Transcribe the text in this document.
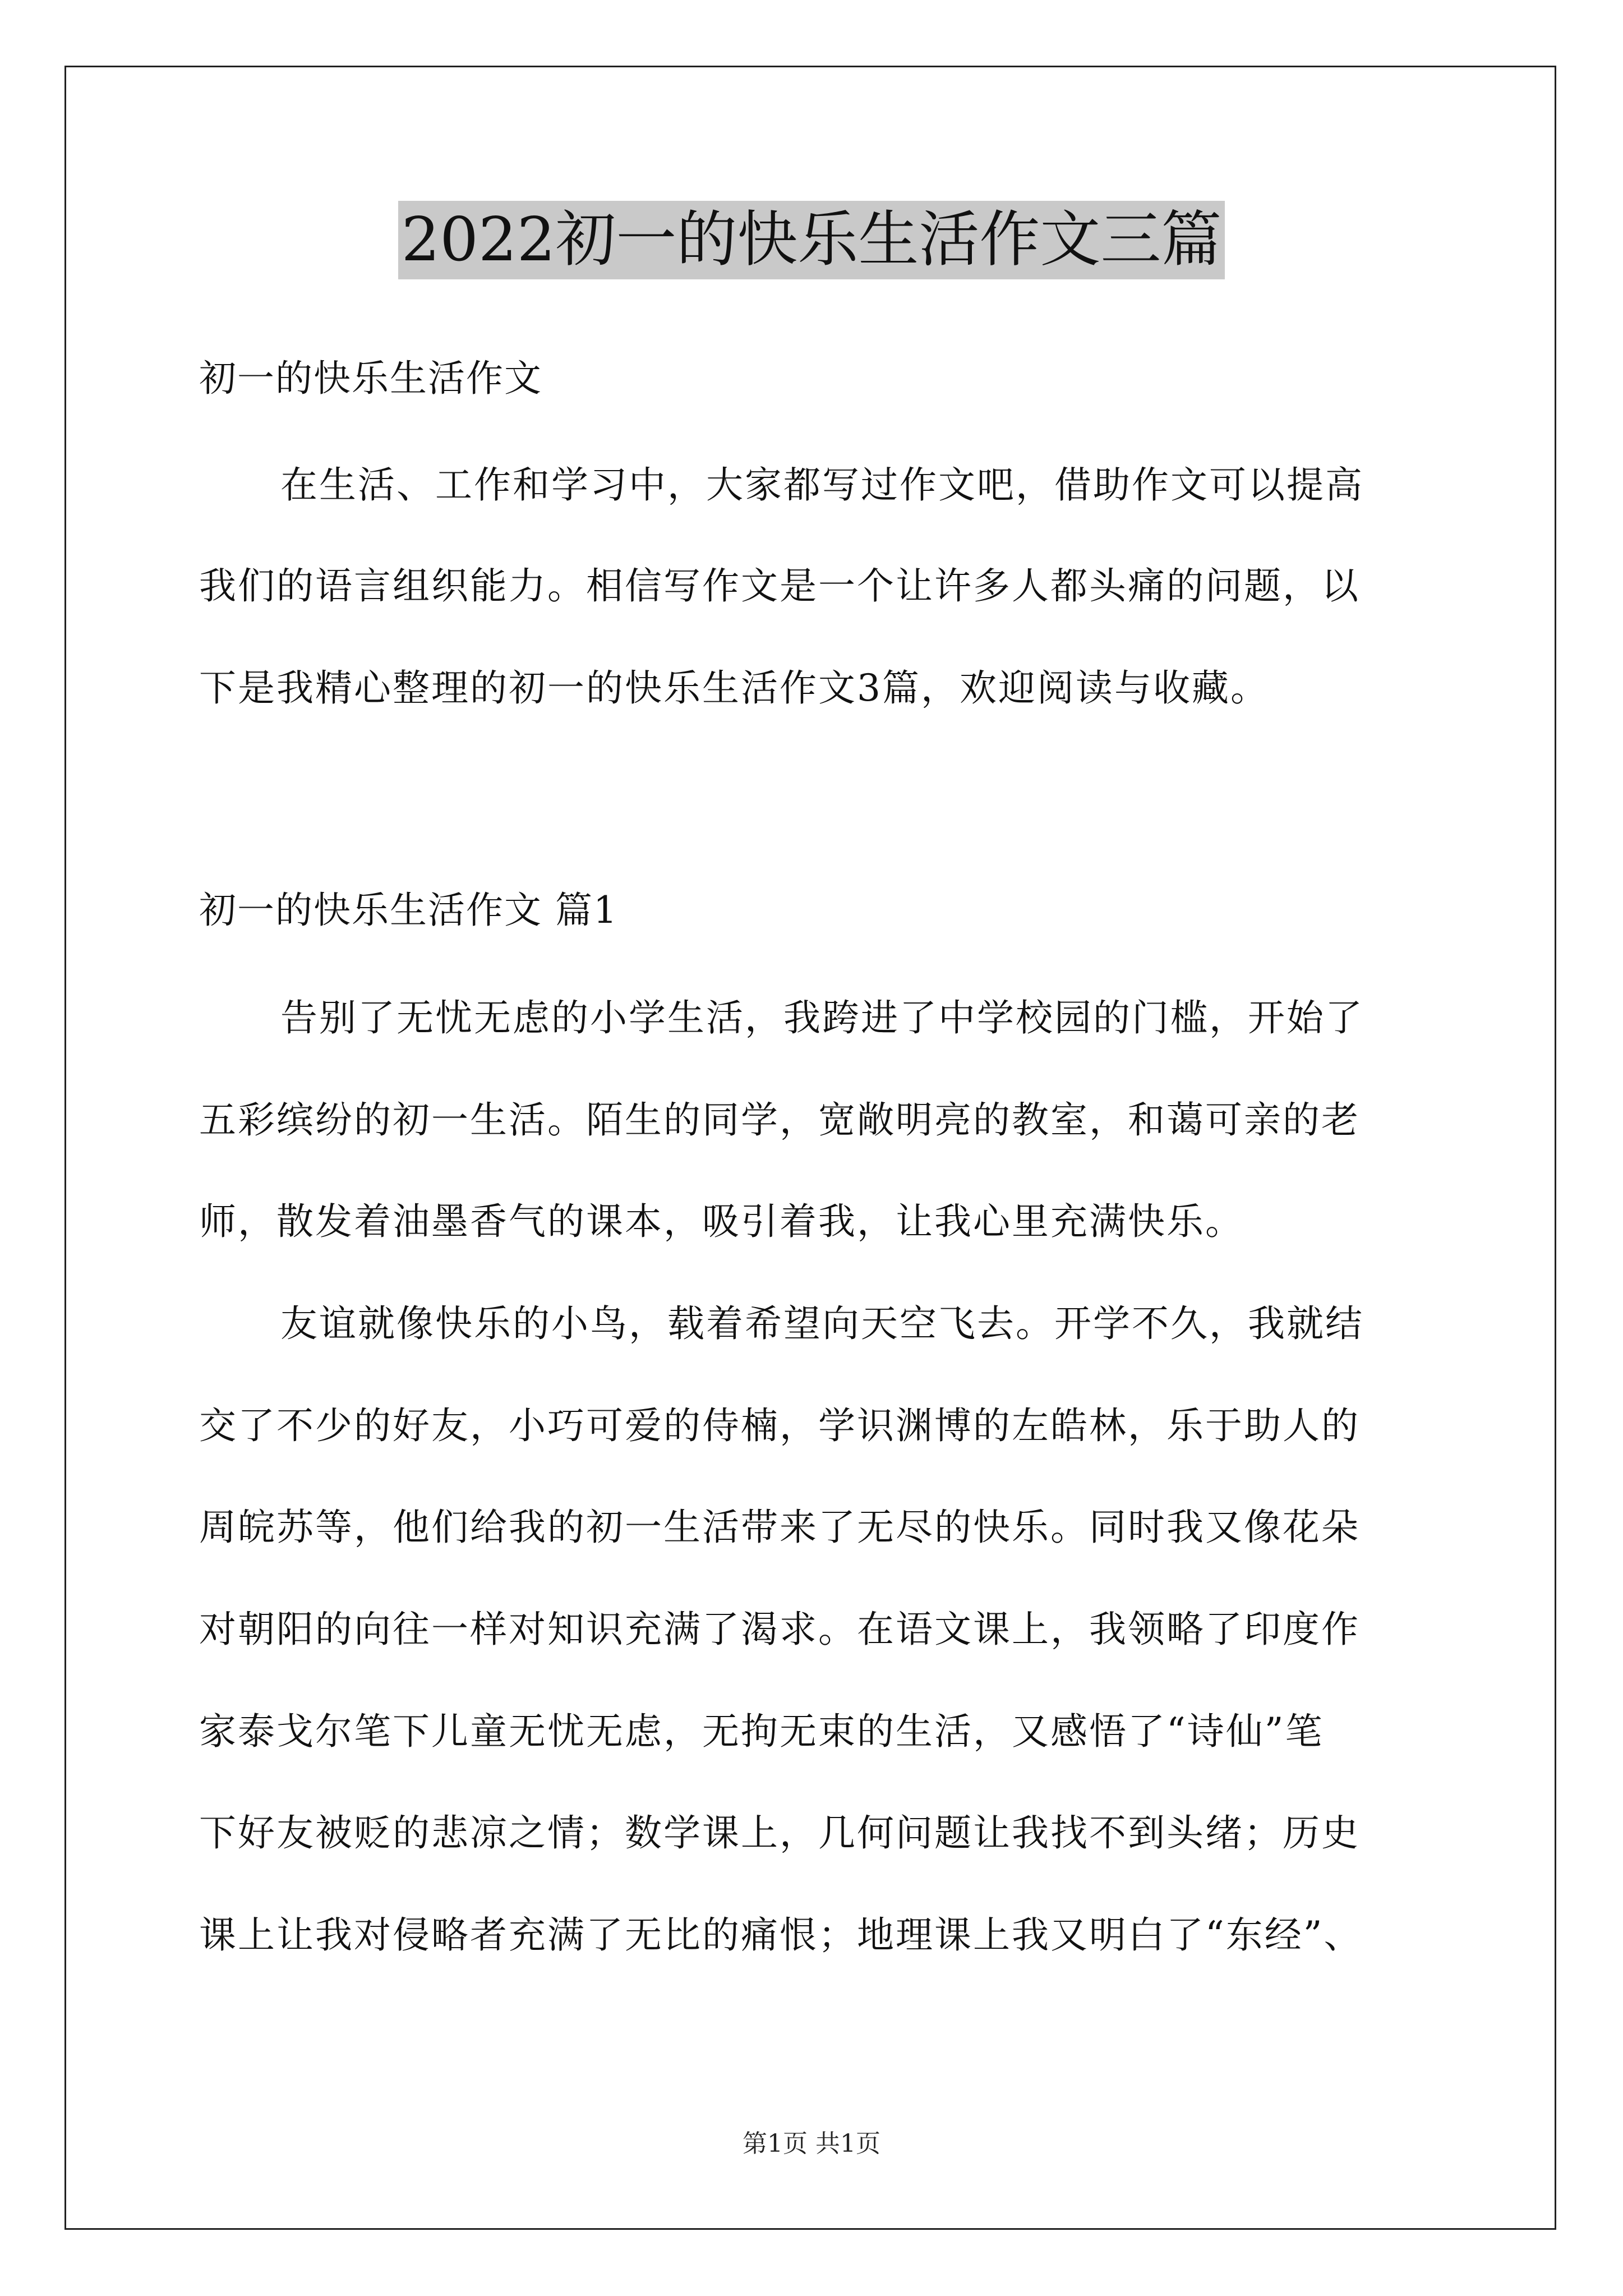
2022初一的快乐生活作文三篇
初一的快乐生活作文
在生活、工作和学习中，大家都写过作文吧，借助作文可以提高
我们的语言组织能力。相信写作文是一个让许多人都头痛的问题，以
下是我精心整理的初一的快乐生活作文3篇，欢迎阅读与收藏。
初一的快乐生活作文 篇1
告别了无忧无虑的小学生活，我跨进了中学校园的门槛，开始了
五彩缤纷的初一生活。陌生的同学，宽敞明亮的教室，和蔼可亲的老
师，散发着油墨香气的课本，吸引着我，让我心里充满快乐。
友谊就像快乐的小鸟，载着希望向天空飞去。开学不久，我就结
交了不少的好友，小巧可爱的侍楠，学识渊博的左皓林，乐于助人的
周皖苏等，他们给我的初一生活带来了无尽的快乐。同时我又像花朵
对朝阳的向往一样对知识充满了渴求。在语文课上，我领略了印度作
家泰戈尔笔下儿童无忧无虑，无拘无束的生活，又感悟了“诗仙”笔
下好友被贬的悲凉之情；数学课上，几何问题让我找不到头绪；历史
课上让我对侵略者充满了无比的痛恨；地理课上我又明白了“东经”、
第1页 共1页
